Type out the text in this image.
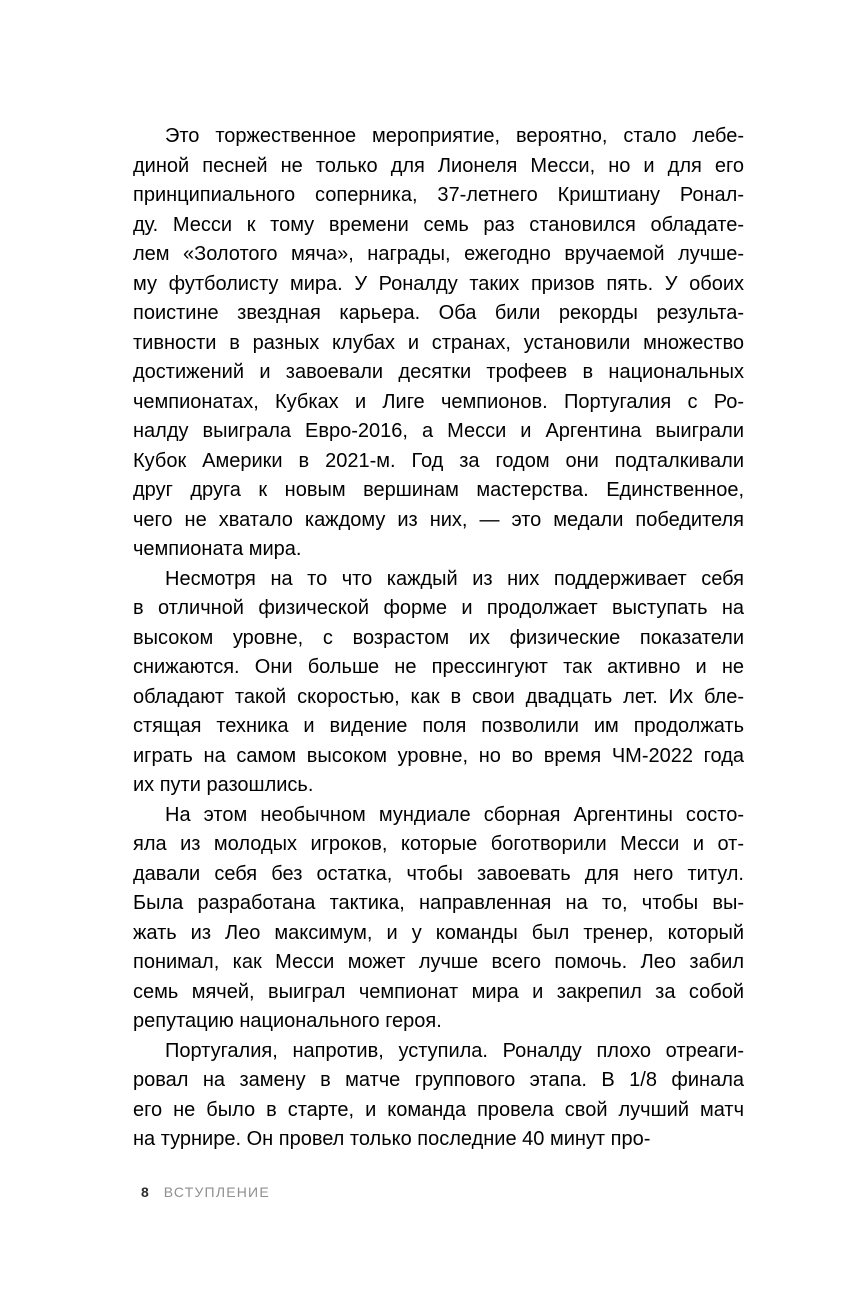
Это торжественное мероприятие, вероятно, стало лебе-
диной песней не только для Лионеля Месси, но и для его
принципиального соперника, 37-летнего Криштиану Ронал-
ду. Месси к тому времени семь раз становился обладате-
лем «Золотого мяча», награды, ежегодно вручаемой лучше-
му футболисту мира. У Роналду таких призов пять. У обоих
поистине звездная карьера. Оба били рекорды результа-
тивности в разных клубах и странах, установили множество
достижений и завоевали десятки трофеев в национальных
чемпионатах, Кубках и Лиге чемпионов. Португалия с Ро-
налду выиграла Евро-2016, а Месси и Аргентина выиграли
Кубок Америки в 2021-м. Год за годом они подталкивали
друг друга к новым вершинам мастерства. Единственное,
чего не хватало каждому из них, — это медали победителя
чемпионата мира.
Несмотря на то что каждый из них поддерживает себя
в отличной физической форме и продолжает выступать на
высоком уровне, с возрастом их физические показатели
снижаются. Они больше не прессингуют так активно и не
обладают такой скоростью, как в свои двадцать лет. Их бле-
стящая техника и видение поля позволили им продолжать
играть на самом высоком уровне, но во время ЧМ-2022 года
их пути разошлись.
На этом необычном мундиале сборная Аргентины состо-
яла из молодых игроков, которые боготворили Месси и от-
давали себя без остатка, чтобы завоевать для него титул.
Была разработана тактика, направленная на то, чтобы вы-
жать из Лео максимум, и у команды был тренер, который
понимал, как Месси может лучше всего помочь. Лео забил
семь мячей, выиграл чемпионат мира и закрепил за собой
репутацию национального героя.
Португалия, напротив, уступила. Роналду плохо отреаги-
ровал на замену в матче группового этапа. В 1/8 финала
его не было в старте, и команда провела свой лучший матч
на турнире. Он провел только последние 40 минут про-
8 ВСТУПЛЕНИЕ
